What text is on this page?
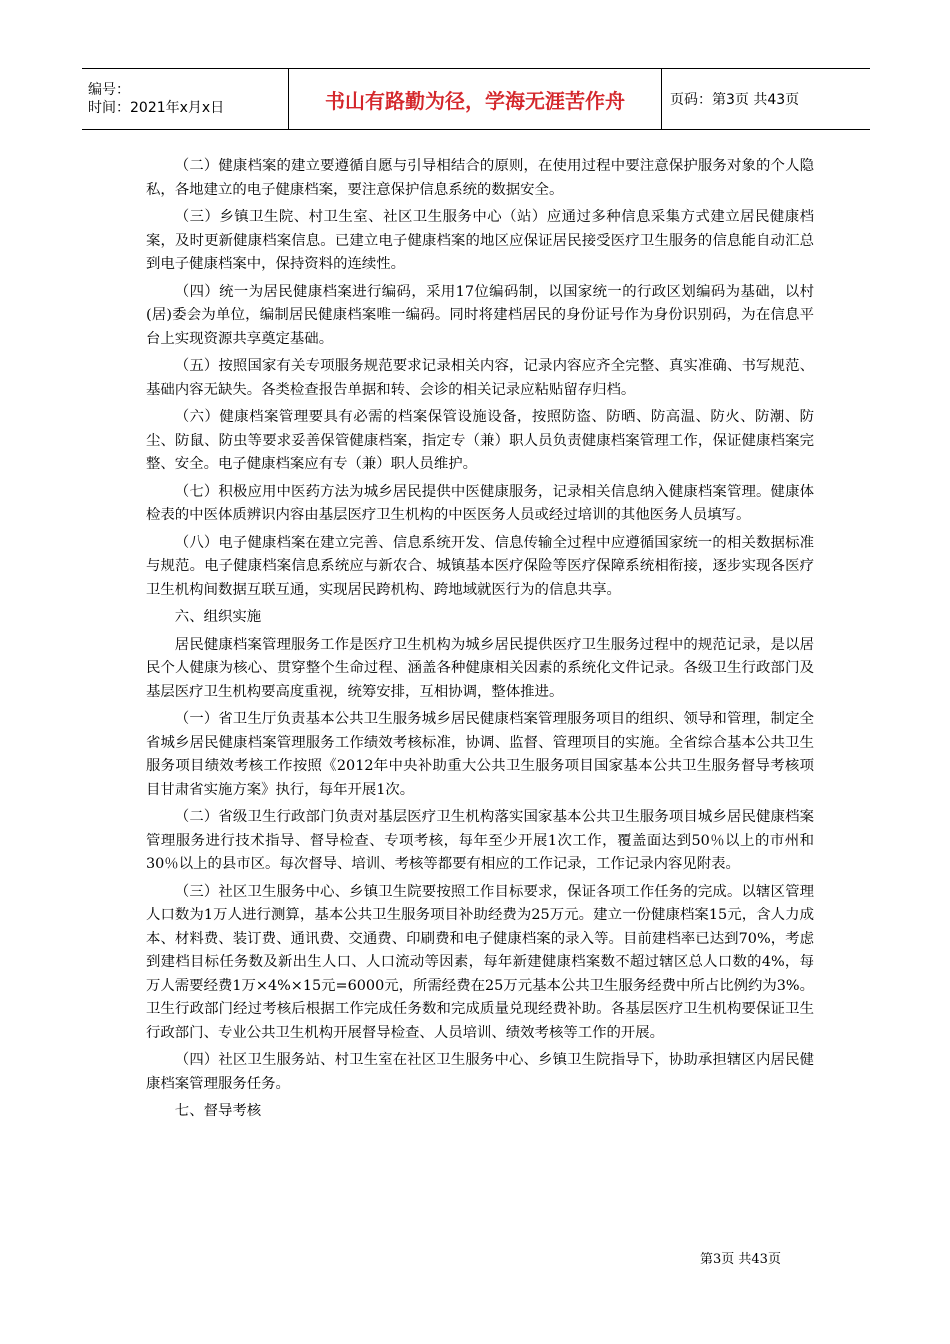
编号：
时间：2021年x月x日	书山有路勤为径，学海无涯苦作舟	页码：第3页 共43页

（二）健康档案的建立要遵循自愿与引导相结合的原则，在使用过程中要注意保护服务对象的个人隐私，各地建立的电子健康档案，要注意保护信息系统的数据安全。

（三）乡镇卫生院、村卫生室、社区卫生服务中心（站）应通过多种信息采集方式建立居民健康档案，及时更新健康档案信息。已建立电子健康档案的地区应保证居民接受医疗卫生服务的信息能自动汇总到电子健康档案中，保持资料的连续性。

（四）统一为居民健康档案进行编码，采用17位编码制，以国家统一的行政区划编码为基础，以村(居)委会为单位，编制居民健康档案唯一编码。同时将建档居民的身份证号作为身份识别码，为在信息平台上实现资源共享奠定基础。

（五）按照国家有关专项服务规范要求记录相关内容，记录内容应齐全完整、真实准确、书写规范、基础内容无缺失。各类检查报告单据和转、会诊的相关记录应粘贴留存归档。

（六）健康档案管理要具有必需的档案保管设施设备，按照防盗、防晒、防高温、防火、防潮、防尘、防鼠、防虫等要求妥善保管健康档案，指定专（兼）职人员负责健康档案管理工作，保证健康档案完整、安全。电子健康档案应有专（兼）职人员维护。

（七）积极应用中医药方法为城乡居民提供中医健康服务，记录相关信息纳入健康档案管理。健康体检表的中医体质辨识内容由基层医疗卫生机构的中医医务人员或经过培训的其他医务人员填写。

（八）电子健康档案在建立完善、信息系统开发、信息传输全过程中应遵循国家统一的相关数据标准与规范。电子健康档案信息系统应与新农合、城镇基本医疗保险等医疗保障系统相衔接，逐步实现各医疗卫生机构间数据互联互通，实现居民跨机构、跨地域就医行为的信息共享。

六、组织实施

居民健康档案管理服务工作是医疗卫生机构为城乡居民提供医疗卫生服务过程中的规范记录，是以居民个人健康为核心、贯穿整个生命过程、涵盖各种健康相关因素的系统化文件记录。各级卫生行政部门及基层医疗卫生机构要高度重视，统筹安排，互相协调，整体推进。

（一）省卫生厅负责基本公共卫生服务城乡居民健康档案管理服务项目的组织、领导和管理，制定全省城乡居民健康档案管理服务工作绩效考核标准，协调、监督、管理项目的实施。全省综合基本公共卫生服务项目绩效考核工作按照《2012年中央补助重大公共卫生服务项目国家基本公共卫生服务督导考核项目甘肃省实施方案》执行，每年开展1次。

（二）省级卫生行政部门负责对基层医疗卫生机构落实国家基本公共卫生服务项目城乡居民健康档案管理服务进行技术指导、督导检查、专项考核，每年至少开展1次工作，覆盖面达到50％以上的市州和30％以上的县市区。每次督导、培训、考核等都要有相应的工作记录，工作记录内容见附表。

（三）社区卫生服务中心、乡镇卫生院要按照工作目标要求，保证各项工作任务的完成。以辖区管理人口数为1万人进行测算，基本公共卫生服务项目补助经费为25万元。建立一份健康档案15元，含人力成本、材料费、装订费、通讯费、交通费、印刷费和电子健康档案的录入等。目前建档率已达到70%，考虑到建档目标任务数及新出生人口、人口流动等因素，每年新建健康档案数不超过辖区总人口数的4%，每万人需要经费1万×4%×15元=6000元，所需经费在25万元基本公共卫生服务经费中所占比例约为3%。卫生行政部门经过考核后根据工作完成任务数和完成质量兑现经费补助。各基层医疗卫生机构要保证卫生行政部门、专业公共卫生机构开展督导检查、人员培训、绩效考核等工作的开展。

（四）社区卫生服务站、村卫生室在社区卫生服务中心、乡镇卫生院指导下，协助承担辖区内居民健康档案管理服务任务。

七、督导考核

第3页 共43页
